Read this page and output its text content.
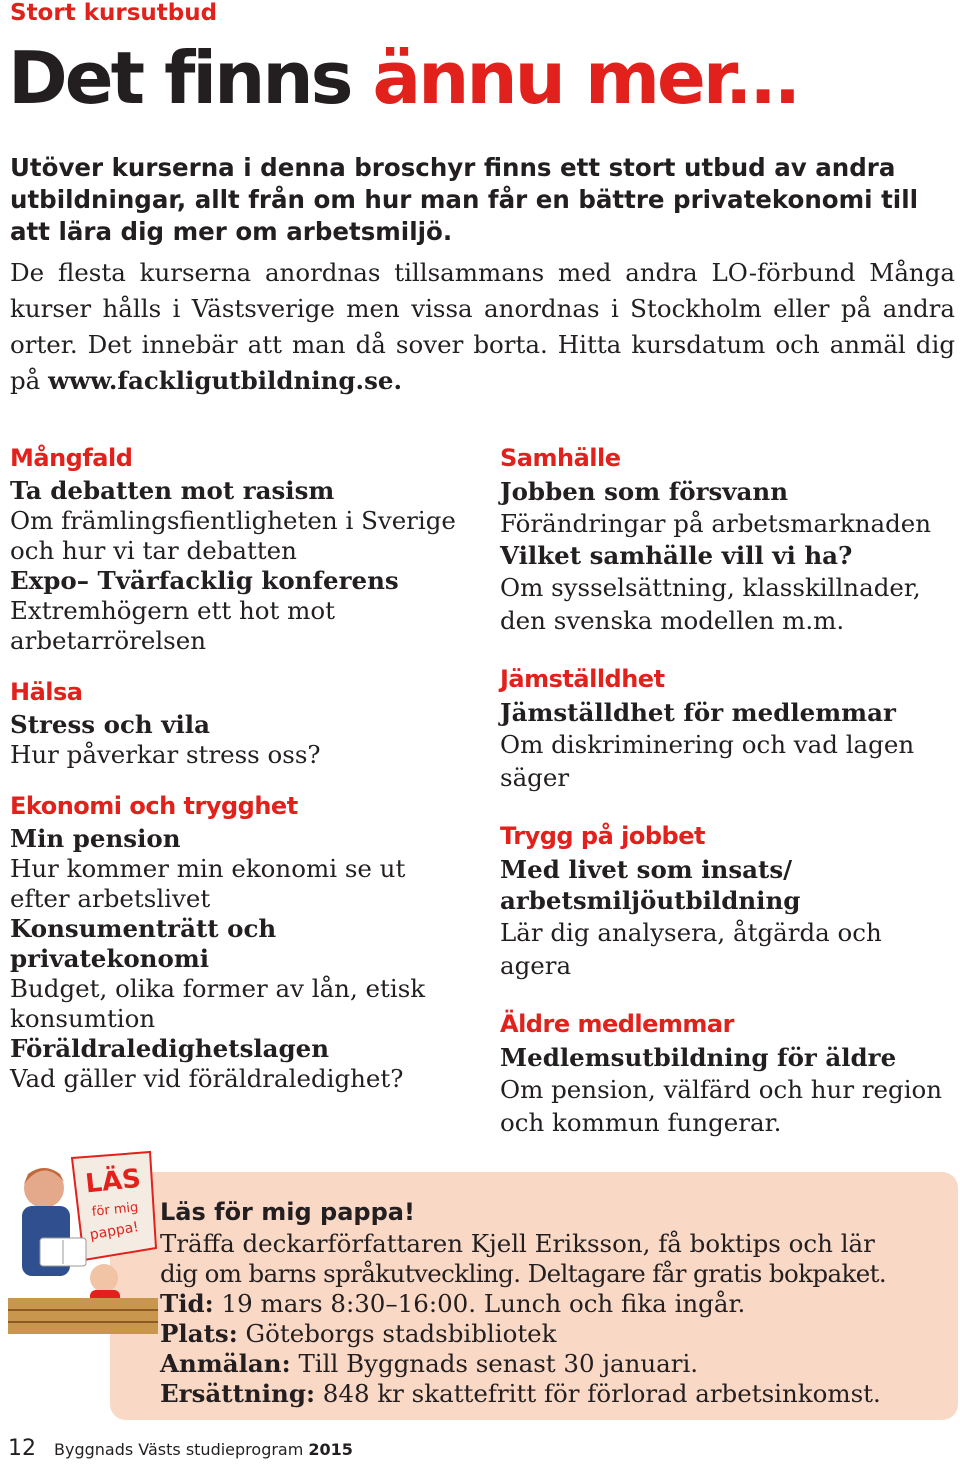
Stort kursutbud
Det finns ännu mer...
Utöver kurserna i denna broschyr finns ett stort utbud av andra utbildningar, allt från om hur man får en bättre privatekonomi till att lära dig mer om arbetsmiljö.
De flesta kurserna anordnas tillsammans med andra LO-förbund Många kurser hålls i Västsverige men vissa anordnas i Stockholm eller på andra orter. Det innebär att man då sover borta. Hitta kursdatum och anmäl dig på www.fackligutbildning.se.
Mångfald
Ta debatten mot rasism
Om främlingsfientligheten i Sverige och hur vi tar debatten
Expo– Tvärfacklig konferens
Extremhögern ett hot mot arbetarrörelsen
Hälsa
Stress och vila
Hur påverkar stress oss?
Ekonomi och trygghet
Min pension
Hur kommer min ekonomi se ut efter arbetslivet
Konsumenträtt och privatekonomi
Budget, olika former av lån, etisk konsumtion
Föräldraledighetslagen
Vad gäller vid föräldraledighet?
Samhälle
Jobben som försvann
Förändringar på arbetsmarknaden
Vilket samhälle vill vi ha?
Om sysselsättning, klasskillnader, den svenska modellen m.m.
Jämställdhet
Jämställdhet för medlemmar
Om diskriminering och vad lagen säger
Trygg på jobbet
Med livet som insats/ arbetsmiljöutbildning
Lär dig analysera, åtgärda och agera
Äldre medlemmar
Medlemsutbildning för äldre
Om pension, välfärd och hur region och kommun fungerar.
LÄS
för mig
pappa!
Läs för mig pappa!
Träffa deckarförfattaren Kjell Eriksson, få boktips och lär
dig om barns språkutveckling. Deltagare får gratis bokpaket.
Tid: 19 mars 8:30–16:00. Lunch och fika ingår.
Plats: Göteborgs stadsbibliotek
Anmälan: Till Byggnads senast 30 januari.
Ersättning: 848 kr skattefritt för förlorad arbetsinkomst.
12 Byggnads Västs studieprogram 2015
